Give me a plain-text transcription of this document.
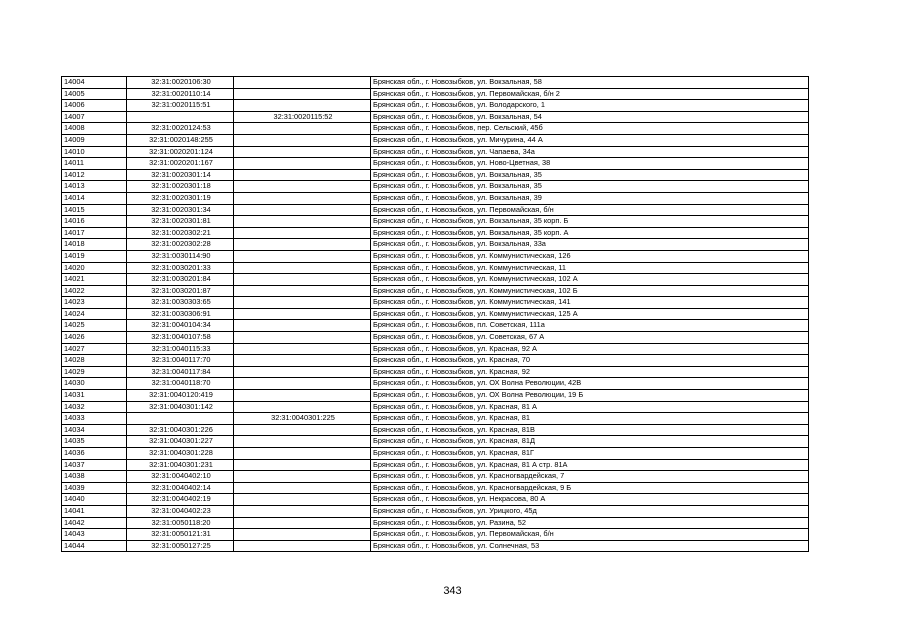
14004	32:31:0020106:30		Брянская обл., г. Новозыбков, ул. Вокзальная, 58
14005	32:31:0020110:14		Брянская обл., г. Новозыбков, ул. Первомайская, б/н 2
14006	32:31:0020115:51		Брянская обл., г. Новозыбков, ул. Володарского, 1
14007		32:31:0020115:52	Брянская обл., г. Новозыбков, ул. Вокзальная, 54
14008	32:31:0020124:53		Брянская обл., г. Новозыбков, пер. Сельский, 45б
14009	32:31:0020148:255		Брянская обл., г. Новозыбков, ул. Мичурина, 44 А
14010	32:31:0020201:124		Брянская обл., г. Новозыбков, ул. Чапаева, 34а
14011	32:31:0020201:167		Брянская обл., г. Новозыбков, ул. Ново-Цветная, 38
14012	32:31:0020301:14		Брянская обл., г. Новозыбков, ул. Вокзальная, 35
14013	32:31:0020301:18		Брянская обл., г. Новозыбков, ул. Вокзальная, 35
14014	32:31:0020301:19		Брянская обл., г. Новозыбков, ул. Вокзальная, 39
14015	32:31:0020301:34		Брянская обл., г. Новозыбков, ул. Первомайская, б/н
14016	32:31:0020301:81		Брянская обл., г. Новозыбков, ул. Вокзальная, 35 корп. Б
14017	32:31:0020302:21		Брянская обл., г. Новозыбков, ул. Вокзальная, 35 корп. А
14018	32:31:0020302:28		Брянская обл., г. Новозыбков, ул. Вокзальная, 33а
14019	32:31:0030114:90		Брянская обл., г. Новозыбков, ул. Коммунистическая, 126
14020	32:31:0030201:33		Брянская обл., г. Новозыбков, ул. Коммунистическая, 11
14021	32:31:0030201:84		Брянская обл., г. Новозыбков, ул. Коммунистическая, 102 А
14022	32:31:0030201:87		Брянская обл., г. Новозыбков, ул. Коммунистическая, 102 Б
14023	32:31:0030303:65		Брянская обл., г. Новозыбков, ул. Коммунистическая, 141
14024	32:31:0030306:91		Брянская обл., г. Новозыбков, ул. Коммунистическая, 125 А
14025	32:31:0040104:34		Брянская обл., г. Новозыбков, пл. Советская, 111а
14026	32:31:0040107:58		Брянская обл., г. Новозыбков, ул. Советская, 67 А
14027	32:31:0040115:33		Брянская обл., г. Новозыбков, ул. Красная, 92 А
14028	32:31:0040117:70		Брянская обл., г. Новозыбков, ул. Красная, 70
14029	32:31:0040117:84		Брянская обл., г. Новозыбков, ул. Красная, 92
14030	32:31:0040118:70		Брянская обл., г. Новозыбков, ул. ОХ Волна Революции, 42В
14031	32:31:0040120:419		Брянская обл., г. Новозыбков, ул. ОХ Волна Революции, 19 Б
14032	32:31:0040301:142		Брянская обл., г. Новозыбков, ул. Красная, 81 А
14033		32:31:0040301:225	Брянская обл., г. Новозыбков, ул. Красная, 81
14034	32:31:0040301:226		Брянская обл., г. Новозыбков, ул. Красная, 81В
14035	32:31:0040301:227		Брянская обл., г. Новозыбков, ул. Красная, 81Д
14036	32:31:0040301:228		Брянская обл., г. Новозыбков, ул. Красная, 81Г
14037	32:31:0040301:231		Брянская обл., г. Новозыбков, ул. Красная, 81 А стр. 81А
14038	32:31:0040402:10		Брянская обл., г. Новозыбков, ул. Красногвардейская, 7
14039	32:31:0040402:14		Брянская обл., г. Новозыбков, ул. Красногвардейская, 9 Б
14040	32:31:0040402:19		Брянская обл., г. Новозыбков, ул. Некрасова, 80 А
14041	32:31:0040402:23		Брянская обл., г. Новозыбков, ул. Урицкого, 45д
14042	32:31:0050118:20		Брянская обл., г. Новозыбков, ул. Разина, 52
14043	32:31:0050121:31		Брянская обл., г. Новозыбков, ул. Первомайская, б/н
14044	32:31:0050127:25		Брянская обл., г. Новозыбков, ул. Солнечная, 53
343
